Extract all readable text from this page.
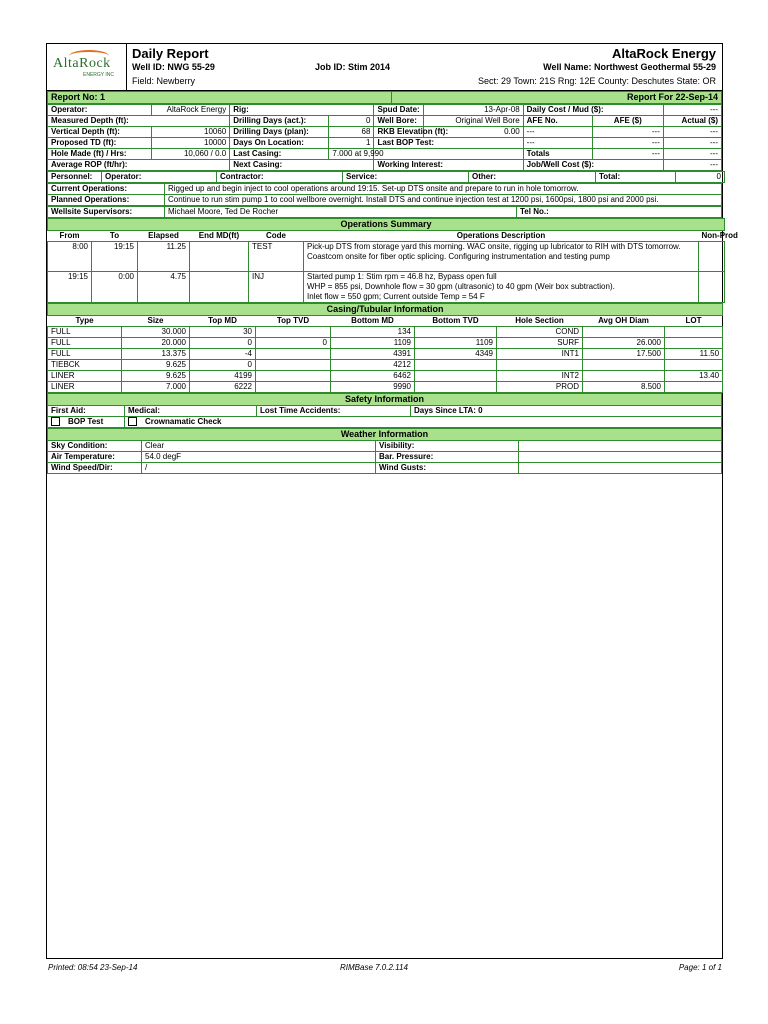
AltaRock
ENERGY INC
Daily Report	AltaRock Energy
Well ID: NWG 55-29	Job ID: Stim 2014	Well Name: Northwest Geothermal 55-29
Field: Newberry	Sect: 29 Town: 21S Rng: 12E County: Deschutes State: OR
Report No: 1	Report For 22-Sep-14
Operator:	AltaRock Energy	Rig:		Spud Date:	13-Apr-08	Daily Cost / Mud ($):		---
Measured Depth (ft):		Drilling Days (act.):	0	Well Bore:	Original Well Bore	AFE No.	AFE ($)	Actual ($)
Vertical Depth (ft):	10060	Drilling Days (plan):	68	RKB Elevation (ft):	0.00	---	---	---
Proposed TD (ft):	10000	Days On Location:	1	Last BOP Test:		---	---	---
Hole Made (ft) / Hrs:	10,060 / 0.0	Last Casing:	7.000 at 9,990			Totals	---	---
Average ROP (ft/hr):		Next Casing:		Working Interest:		Job/Well Cost ($):		---
Personnel:	Operator:	Contractor:	Service:	Other:	Total:	0
Current Operations:	Rigged up and begin inject to cool operations around 19:15. Set-up DTS onsite and prepare to run in hole tomorrow.
Planned Operations:	Continue to run stim pump 1 to cool wellbore overnight. Install DTS and continue injection test at 1200 psi, 1600psi, 1800 psi and 2000 psi.
Wellsite Supervisors:	Michael Moore, Ted De Rocher	Tel No.:
Operations Summary						
From	To	Elapsed	End MD(ft)	Code	Operations Description	Non-Prod
8:00	19:15	11.25		TEST	Pick-up DTS from storage yard this morning. WAC onsite, rigging up lubricator to RIH with DTS tomorrow. Coastcom onsite for fiber optic splicing. Configuring instrumentation and testing pump	
19:15	0:00	4.75		INJ	Started pump 1: Stim rpm = 46.8 hz, Bypass open full
WHP = 855 psi, Downhole flow = 30 gpm (ultrasonic) to 40 gpm (Weir box subtraction).
Inlet flow = 550 gpm; Current outside Temp = 54 F	
Casing/Tubular Information								
Type	Size	Top MD	Top TVD	Bottom MD	Bottom TVD	Hole Section	Avg OH Diam	LOT
FULL	30.000	30		134		COND		
FULL	20.000	0	0	1109	1109	SURF	26.000	
FULL	13.375	-4		4391	4349	INT1	17.500	11.50
TIEBCK	9.625	0		4212				
LINER	9.625	4199		6462		INT2		13.40
LINER	7.000	6222		9990		PROD	8.500	
Safety Information			
First Aid:	Medical:	Lost Time Accidents:	Days Since LTA: 0
BOP Test	Crownamatic Check		
Weather Information			
Sky Condition:	Clear	Visibility:	
Air Temperature:	54.0 degF	Bar. Pressure:	
Wind Speed/Dir:	/	Wind Gusts:	
Printed: 08:54 23-Sep-14	RIMBase 7.0.2.114	Page: 1 of 1
